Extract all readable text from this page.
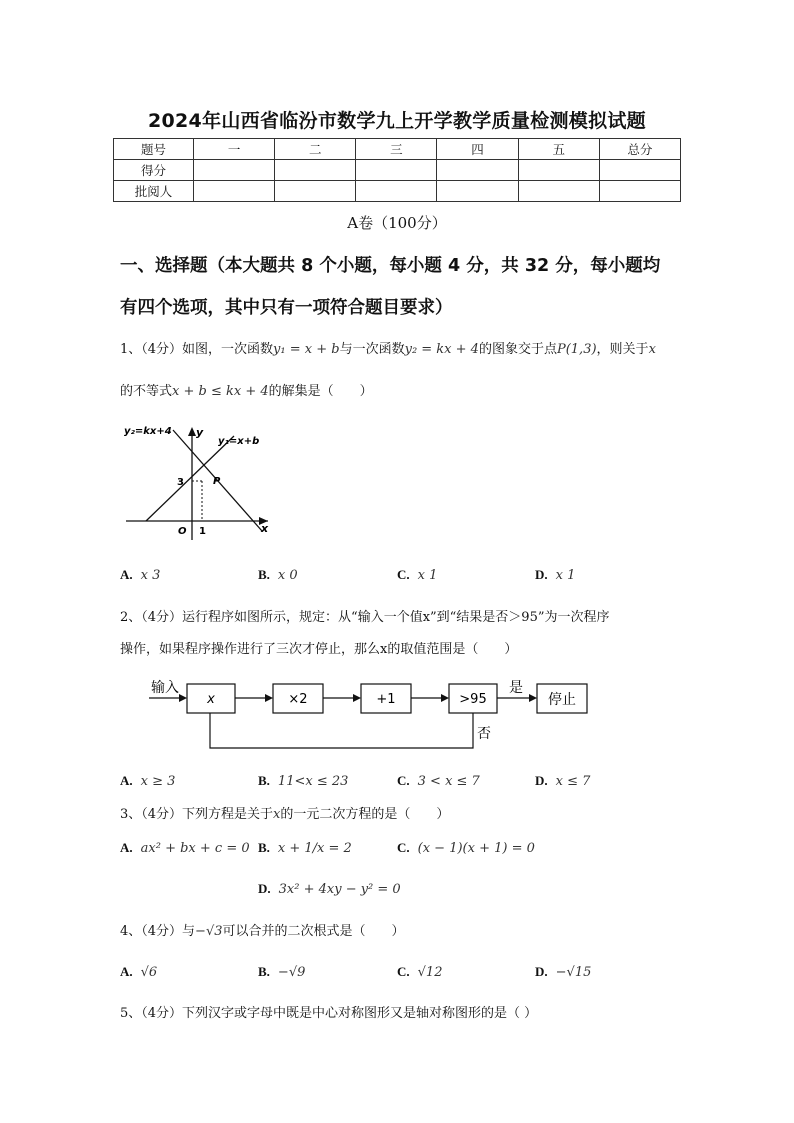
2024年山西省临汾市数学九上开学教学质量检测模拟试题
题号	一	二	三	四	五	总分
得分						
批阅人						
A卷（100分）
一、选择题（本大题共 8 个小题，每小题 4 分，共 32 分，每小题均
有四个选项，其中只有一项符合题目要求）
1、（4分）如图，一次函数y₁ = x + b与一次函数y₂ = kx + 4的图象交于点P(1,3)，则关于x
的不等式x + b ≤ kx + 4的解集是（　　）
y₂=kx+4 y
y₁=x+b
3	P
O 1	x
A. x 3	B. x 0	C. x 1	D. x 1
2、（4分）运行程序如图所示，规定：从“输入一个值x”到“结果是否＞95”为一次程序
操作，如果程序操作进行了三次才停止，那么x的取值范围是（　　）
输入
x	×2	+1	>95
是
停止
否
A. x ≥ 3	B. 11<x ≤ 23	C. 3 < x ≤ 7	D. x ≤ 7
3、（4分）下列方程是关于x的一元二次方程的是（　　）
A. ax² + bx + c = 0 B. x + 1/x = 2	C. (x − 1)(x + 1) = 0
D. 3x² + 4xy − y² = 0
4、（4分）与−√3可以合并的二次根式是（　　）
A. √6	B. −√9	C. √12	D. −√15
5、（4分）下列汉字或字母中既是中心对称图形又是轴对称图形的是（ ）
